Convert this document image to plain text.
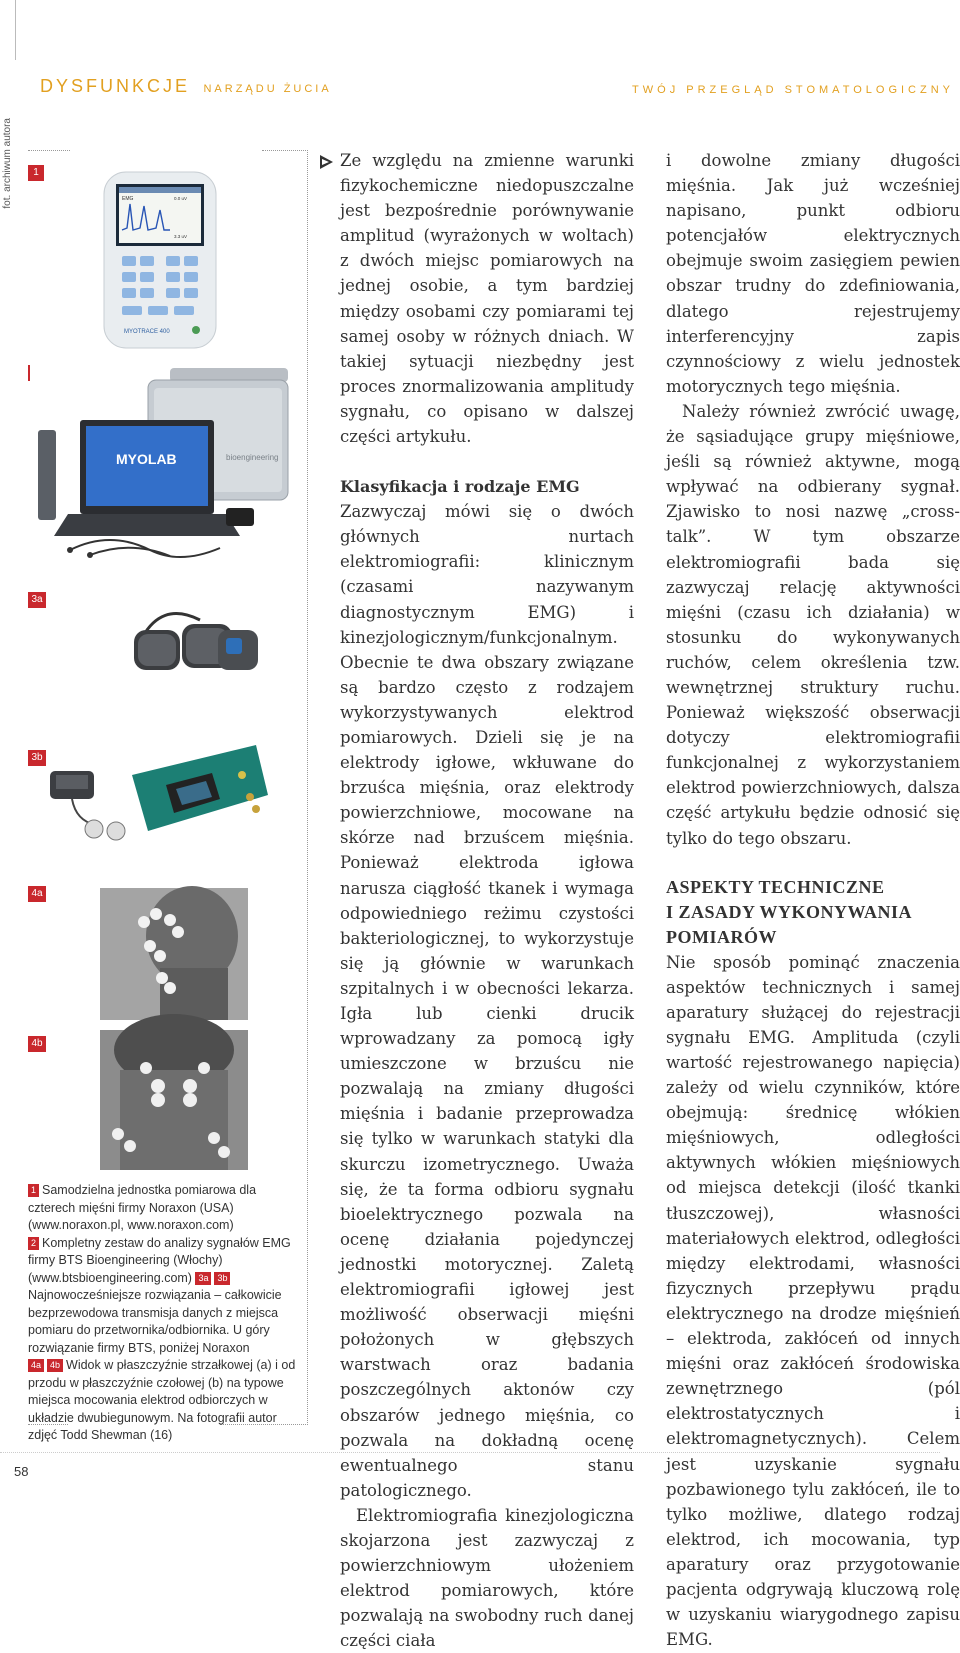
DYSFUNKCJE NARZĄDU ŻUCIA	TWÓJ PRZEGLĄD STOMATOLOGICZNY
fot. archiwum autora	1
3a
3b
4a
4b
EMG	0.0 uV
3.3 uV
MYOTRACE 400
bioengineering
MYOLAB
1 Samodzielna jednostka pomiarowa dla czterech mięśni firmy Noraxon (USA) (www.noraxon.pl, www.noraxon.com)
2 Kompletny zestaw do analizy sygnałów EMG firmy BTS Bioengineering (Włochy) (www.btsbioengineering.com) 3a 3bNajnowocześniejsze rozwiązania – całkowicie bezprzewodowa transmisja danych z miejsca pomiaru do przetwornika/odbiornika. U góry rozwiązanie firmy BTS, poniżej Noraxon
4a 4b Widok w płaszczyźnie strzałkowej (a) i od przodu w płaszczyźnie czołowej (b) na typowe miejsca mocowania elektrod odbiorczych w układzie dwubiegunowym. Na fotografii autor zdjęć Todd Shewman (16)

Ze względu na zmienne warunki fizykochemiczne niedopuszczalne jest bezpośrednie porównywanie amplitud (wyrażonych w woltach) z dwóch miejsc pomiarowych na jednej osobie, a tym bardziej między osobami czy pomiarami tej samej osoby w różnych dniach. W takiej sytuacji niezbędny jest proces znormalizowania amplitudy sygnału, co opisano w dalszej części artykułu.

Klasyfikacja i rodzaje EMG

Zazwyczaj mówi się o dwóch głównych nurtach elektromiografii: klinicznym (czasami nazywanym diagnostycznym EMG) i kinezjologicznym/funkcjonalnym. Obecnie te dwa obszary związane są bardzo często z rodzajem wykorzystywanych elektrod pomiarowych. Dzieli się je na elektrody igłowe, wkłuwane do brzuśca mięśnia, oraz elektrody powierzchniowe, mocowane na skórze nad brzuścem mięśnia. Ponieważ elektroda igłowa narusza ciągłość tkanek i wymaga odpowiedniego reżimu czystości bakteriologicznej, to wykorzystuje się ją głównie w warunkach szpitalnych i w obecności lekarza. Igła lub cienki drucik wprowadzany za pomocą igły umieszczone w brzuścu nie pozwalają na zmiany długości mięśnia i badanie przeprowadza się tylko w warunkach statyki dla skurczu izometrycznego. Uważa się, że ta forma odbioru sygnału bioelektrycznego pozwala na ocenę działania pojedynczej jednostki motorycznej. Zaletą elektromiografii igłowej jest możliwość obserwacji mięśni położonych w głębszych warstwach oraz badania poszczególnych aktonów czy obszarów jednego mięśnia, co pozwala na dokładną ocenę ewentualnego stanu patologicznego.

Elektromiografia kinezjologiczna skojarzona jest zazwyczaj z powierzchniowym ułożeniem elektrod pomiarowych, które pozwalają na swobodny ruch danej części ciała

i dowolne zmiany długości mięśnia. Jak już wcześniej napisano, punkt odbioru potencjałów elektrycznych obejmuje swoim zasięgiem pewien obszar trudny do zdefiniowania, dlatego rejestrujemy interferencyjny zapis czynnościowy z wielu jednostek motorycznych tego mięśnia.

Należy również zwrócić uwagę, że sąsiadujące grupy mięśniowe, jeśli są również aktywne, mogą wpływać na odbierany sygnał. Zjawisko to nosi nazwę „cross-talk”. W tym obszarze elektromiografii bada się zazwyczaj relację aktywności mięśni (czasu ich działania) w stosunku do wykonywanych ruchów, celem określenia tzw. wewnętrznej struktury ruchu. Ponieważ większość obserwacji dotyczy elektromiografii funkcjonalnej z wykorzystaniem elektrod powierzchniowych, dalsza część artykułu będzie odnosić się tylko do tego obszaru.

ASPEKTY TECHNICZNE
I ZASADY WYKONYWANIA
POMIARÓW

Nie sposób pominąć znaczenia aspektów technicznych i samej aparatury służącej do rejestracji sygnału EMG. Amplituda (czyli wartość rejestrowanego napięcia) zależy od wielu czynników, które obejmują: średnicę włókien mięśniowych, odległości aktywnych włókien mięśniowych od miejsca detekcji (ilość tkanki tłuszczowej), własności materiałowych elektrod, odległości między elektrodami, własności fizycznych przepływu prądu elektrycznego na drodze mięśnień – elektroda, zakłóceń od innych mięśni oraz zakłóceń środowiska zewnętrznego (pól elektrostatycznych i elektromagnetycznych). Celem jest uzyskanie sygnału pozbawionego tylu zakłóceń, ile to tylko możliwe, dlatego rodzaj elektrod, ich mocowania, typ aparatury oraz przygotowanie pacjenta odgrywają kluczową rolę w uzyskaniu wiarygodnego zapisu EMG.

58
